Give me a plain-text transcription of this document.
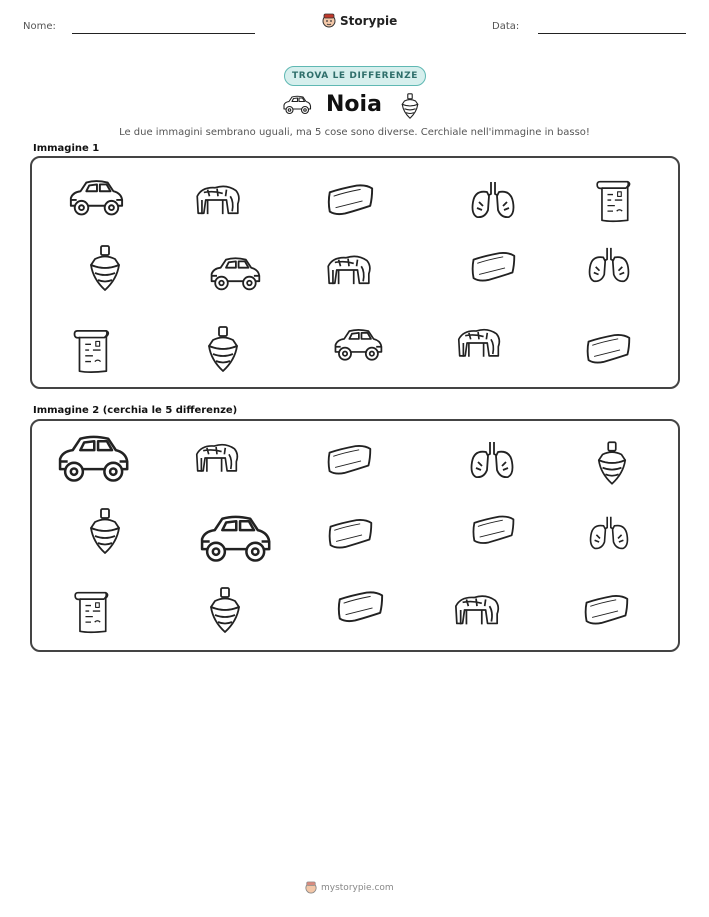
Nome:	Storypie	Data:
TROVA LE DIFFERENZE
Noia
Le due immagini sembrano uguali, ma 5 cose sono diverse. Cerchiale nell'immagine in basso!
Immagine 1
Immagine 2 (cerchia le 5 differenze)
mystorypie.com
